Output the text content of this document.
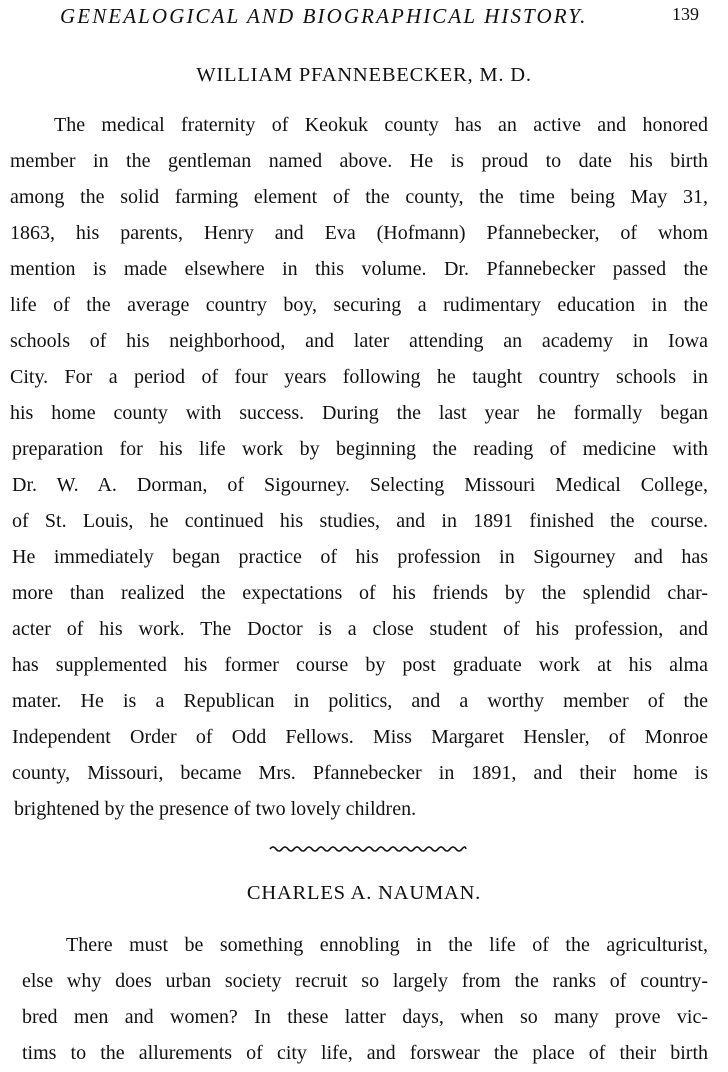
GENEALOGICAL AND BIOGRAPHICAL HISTORY.	139
WILLIAM PFANNEBECKER, M. D.
The medical fraternity of Keokuk county has an active and honored
member in the gentleman named above. He is proud to date his birth
among the solid farming element of the county, the time being May 31,
1863, his parents, Henry and Eva (Hofmann) Pfannebecker, of whom
mention is made elsewhere in this volume. Dr. Pfannebecker passed the
life of the average country boy, securing a rudimentary education in the
schools of his neighborhood, and later attending an academy in Iowa
City. For a period of four years following he taught country schools in
his home county with success. During the last year he formally began
preparation for his life work by beginning the reading of medicine with
Dr. W. A. Dorman, of Sigourney. Selecting Missouri Medical College,
of St. Louis, he continued his studies, and in 1891 finished the course.
He immediately began practice of his profession in Sigourney and has
more than realized the expectations of his friends by the splendid char-
acter of his work. The Doctor is a close student of his profession, and
has supplemented his former course by post graduate work at his alma
mater. He is a Republican in politics, and a worthy member of the
Independent Order of Odd Fellows. Miss Margaret Hensler, of Monroe
county, Missouri, became Mrs. Pfannebecker in 1891, and their home is
brightened by the presence of two lovely children.
CHARLES A. NAUMAN.
There must be something ennobling in the life of the agriculturist,
else why does urban society recruit so largely from the ranks of country-
bred men and women? In these latter days, when so many prove vic-
tims to the allurements of city life, and forswear the place of their birth
